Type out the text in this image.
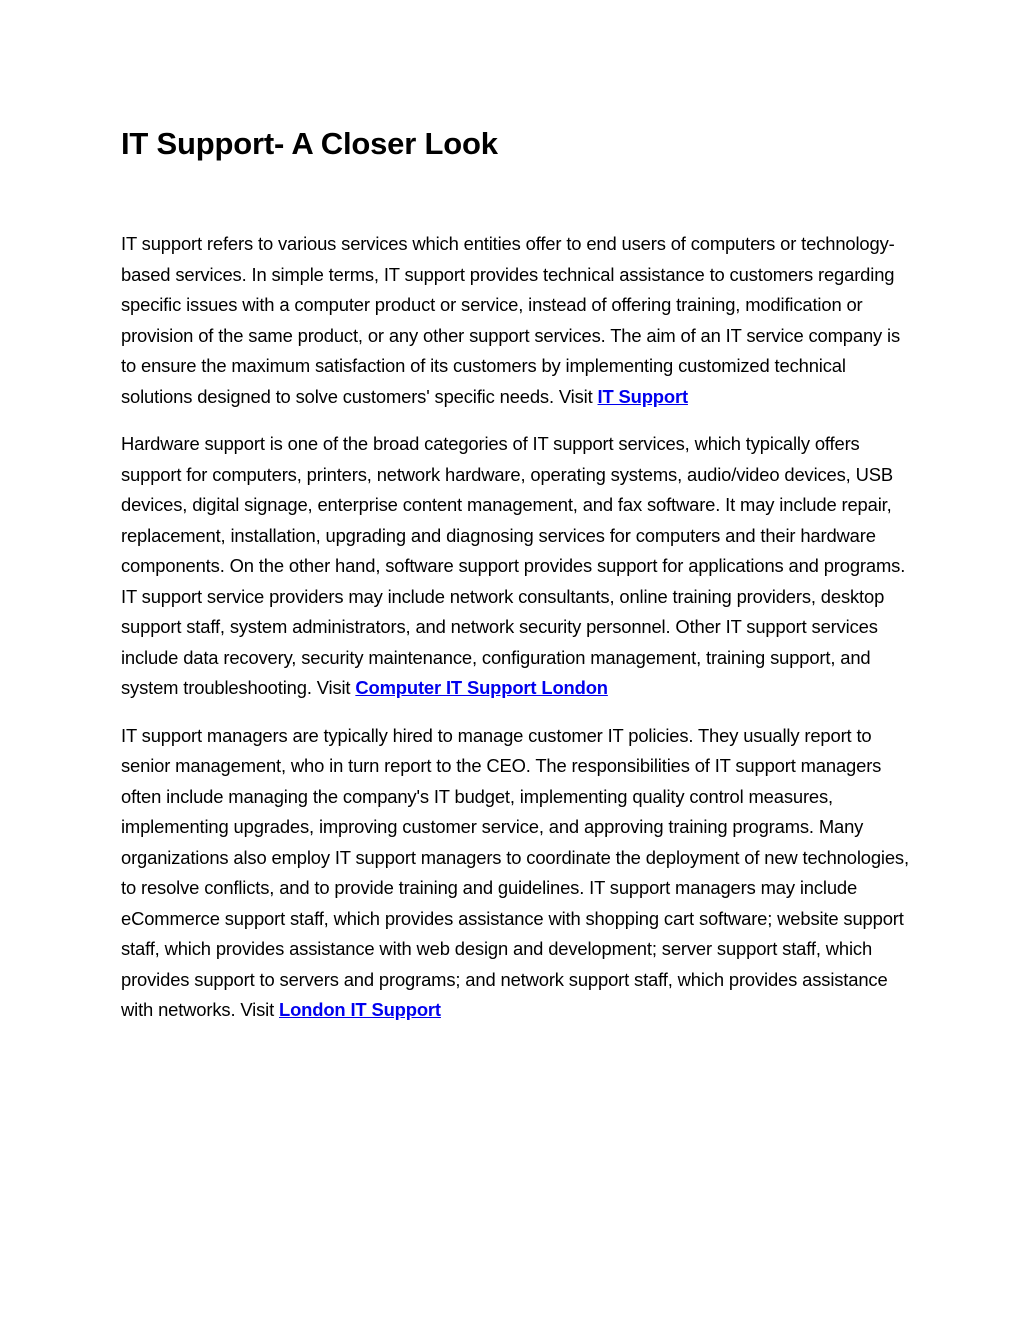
IT Support- A Closer Look

IT support refers to various services which entities offer to end users of computers or technology-based services. In simple terms, IT support provides technical assistance to customers regarding specific issues with a computer product or service, instead of offering training, modification or provision of the same product, or any other support services. The aim of an IT service company is to ensure the maximum satisfaction of its customers by implementing customized technical solutions designed to solve customers' specific needs. Visit IT Support

Hardware support is one of the broad categories of IT support services, which typically offers support for computers, printers, network hardware, operating systems, audio/video devices, USB devices, digital signage, enterprise content management, and fax software. It may include repair, replacement, installation, upgrading and diagnosing services for computers and their hardware components. On the other hand, software support provides support for applications and programs. IT support service providers may include network consultants, online training providers, desktop support staff, system administrators, and network security personnel. Other IT support services include data recovery, security maintenance, configuration management, training support, and system troubleshooting. Visit Computer IT Support London

IT support managers are typically hired to manage customer IT policies. They usually report to senior management, who in turn report to the CEO. The responsibilities of IT support managers often include managing the company's IT budget, implementing quality control measures, implementing upgrades, improving customer service, and approving training programs. Many organizations also employ IT support managers to coordinate the deployment of new technologies, to resolve conflicts, and to provide training and guidelines. IT support managers may include eCommerce support staff, which provides assistance with shopping cart software; website support staff, which provides assistance with web design and development; server support staff, which provides support to servers and programs; and network support staff, which provides assistance with networks. Visit London IT Support
